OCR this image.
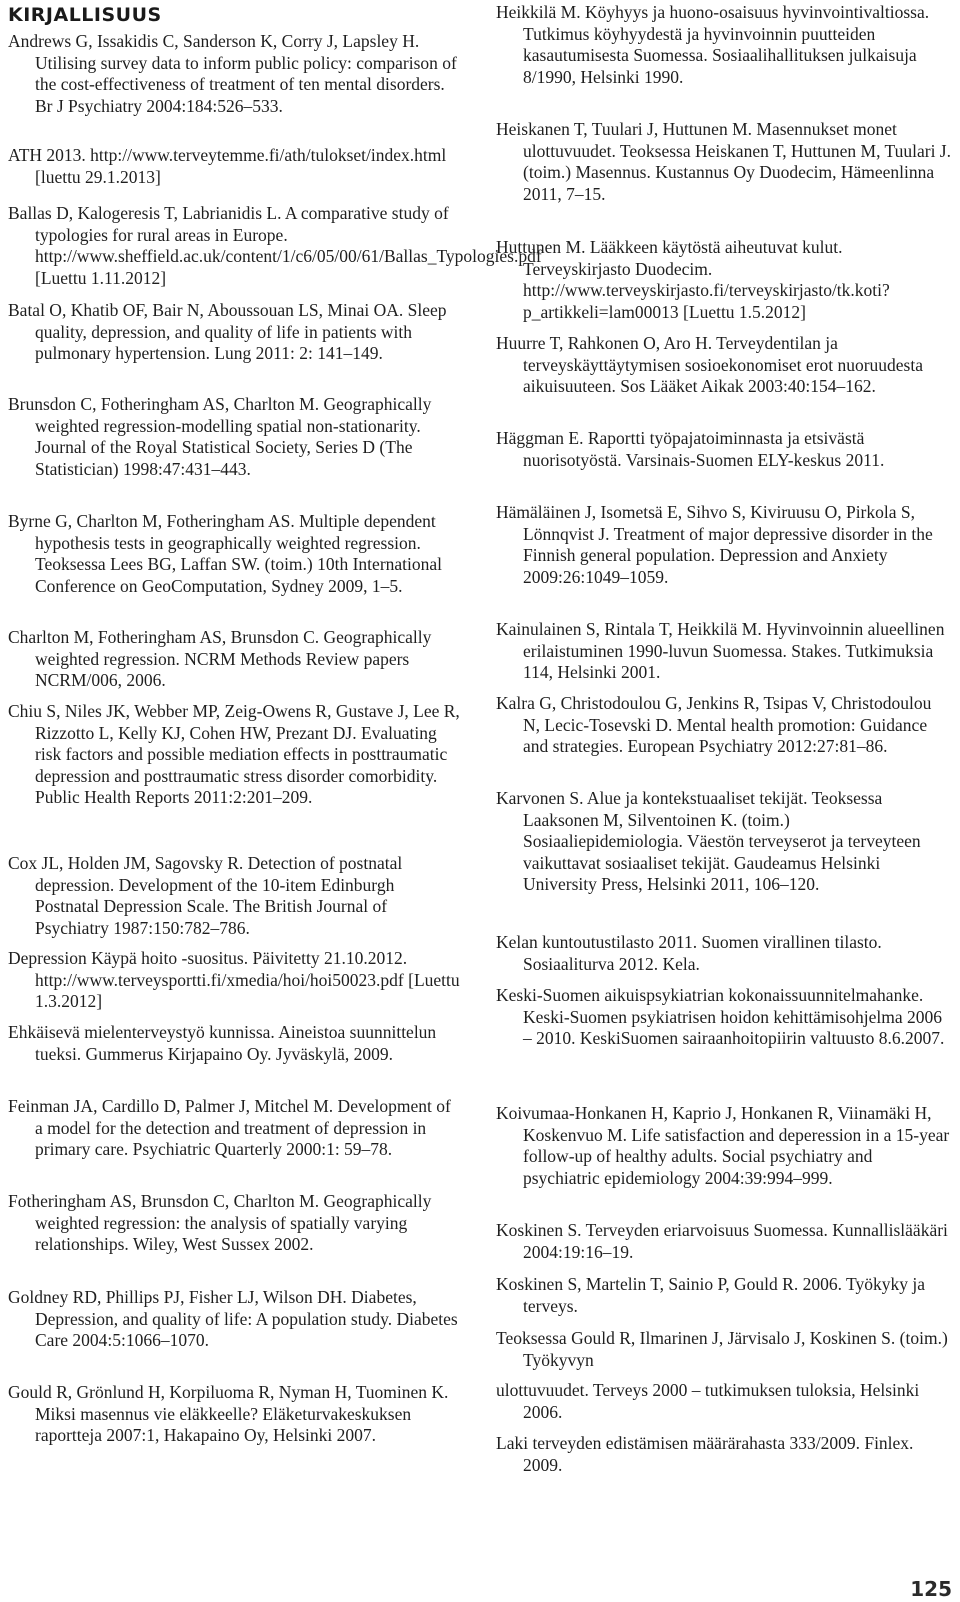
KIRJALLISUUS

Andrews G, Issakidis C, Sanderson K, Corry J, Lapsley H. Utilising survey data to inform public policy: comparison of the cost-effectiveness of treatment of ten mental disorders. Br J Psychiatry 2004:184:526–533.

ATH 2013. http://www.terveytemme.fi/ath/tulokset/index.html [luettu 29.1.2013]

Ballas D, Kalogeresis T, Labrianidis L. A comparative study of typologies for rural areas in Europe. http://www.sheffield.ac.uk/content/1/c6/05/00/61/Ballas_Typologies.pdf [Luettu 1.11.2012]

Batal O, Khatib OF, Bair N, Aboussouan LS, Minai OA. Sleep quality, depression, and quality of life in patients with pulmonary hypertension. Lung 2011: 2: 141–149.

Brunsdon C, Fotheringham AS, Charlton M. Geographically weighted regression-modelling spatial non-stationarity. Journal of the Royal Statistical Society, Series D (The Statistician) 1998:47:431–443.

Byrne G, Charlton M, Fotheringham AS. Multiple dependent hypothesis tests in geographically weighted regression. Teoksessa Lees BG, Laffan SW. (toim.) 10th International Conference on GeoComputation, Sydney 2009, 1–5.

Charlton M, Fotheringham AS, Brunsdon C. Geographically weighted regression. NCRM Methods Review papers NCRM/006, 2006.

Chiu S, Niles JK, Webber MP, Zeig-Owens R, Gustave J, Lee R, Rizzotto L, Kelly KJ, Cohen HW, Prezant DJ. Evaluating risk factors and possible mediation effects in posttraumatic depression and posttraumatic stress disorder comorbidity. Public Health Reports 2011:2:201–209.

Cox JL, Holden JM, Sagovsky R. Detection of postnatal depression. Development of the 10-item Edinburgh Postnatal Depression Scale. The British Journal of Psychiatry 1987:150:782–786.

Depression Käypä hoito -suositus. Päivitetty 21.10.2012. http://www.terveysportti.fi/xmedia/hoi/hoi50023.pdf [Luettu 1.3.2012]

Ehkäisevä mielenterveystyö kunnissa. Aineistoa suunnittelun tueksi. Gummerus Kirjapaino Oy. Jyväskylä, 2009.

Feinman JA, Cardillo D, Palmer J, Mitchel M. Development of a model for the detection and treatment of depression in primary care. Psychiatric Quarterly 2000:1: 59–78.

Fotheringham AS, Brunsdon C, Charlton M. Geographically weighted regression: the analysis of spatially varying relationships. Wiley, West Sussex 2002.

Goldney RD, Phillips PJ, Fisher LJ, Wilson DH. Diabetes, Depression, and quality of life: A population study. Diabetes Care 2004:5:1066–1070.

Gould R, Grönlund H, Korpiluoma R, Nyman H, Tuominen K. Miksi masennus vie eläkkeelle? Eläketurvakeskuksen raportteja 2007:1, Hakapaino Oy, Helsinki 2007.

Heikkilä M. Köyhyys ja huono-osaisuus hyvinvointivaltiossa. Tutkimus köyhyydestä ja hyvinvoinnin puutteiden kasautumisesta Suomessa. Sosiaalihallituksen julkaisuja 8/1990, Helsinki 1990.

Heiskanen T, Tuulari J, Huttunen M. Masennukset monet ulottuvuudet. Teoksessa Heiskanen T, Huttunen M, Tuulari J. (toim.) Masennus. Kustannus Oy Duodecim, Hämeenlinna 2011, 7–15.

Huttunen M. Lääkkeen käytöstä aiheutuvat kulut. Terveyskirjasto Duodecim. http://www.terveyskirjasto.fi/terveyskirjasto/tk.koti?p_artikkeli=lam00013 [Luettu 1.5.2012]

Huurre T, Rahkonen O, Aro H. Terveydentilan ja terveyskäyttäytymisen sosioekonomiset erot nuoruudesta aikuisuuteen. Sos Lääket Aikak 2003:40:154–162.

Häggman E. Raportti työpajatoiminnasta ja etsivästä nuorisotyöstä. Varsinais-Suomen ELY-keskus 2011.

Hämäläinen J, Isometsä E, Sihvo S, Kiviruusu O, Pirkola S, Lönnqvist J. Treatment of major depressive disorder in the Finnish general population. Depression and Anxiety 2009:26:1049–1059.

Kainulainen S, Rintala T, Heikkilä M. Hyvinvoinnin alueellinen erilaistuminen 1990-luvun Suomessa. Stakes. Tutkimuksia 114, Helsinki 2001.

Kalra G, Christodoulou G, Jenkins R, Tsipas V, Christodoulou N, Lecic-Tosevski D. Mental health promotion: Guidance and strategies. European Psychiatry 2012:27:81–86.

Karvonen S. Alue ja kontekstuaaliset tekijät. Teoksessa Laaksonen M, Silventoinen K. (toim.) Sosiaaliepidemiologia. Väestön terveyserot ja terveyteen vaikuttavat sosiaaliset tekijät. Gaudeamus Helsinki University Press, Helsinki 2011, 106–120.

Kelan kuntoutustilasto 2011. Suomen virallinen tilasto. Sosiaaliturva 2012. Kela.

Keski-Suomen aikuispsykiatrian kokonaissuunnitelmahanke. Keski-Suomen psykiatrisen hoidon kehittämisohjelma 2006 – 2010. KeskiSuomen sairaanhoitopiirin valtuusto 8.6.2007.

Koivumaa-Honkanen H, Kaprio J, Honkanen R, Viinamäki H, Koskenvuo M. Life satisfaction and deperession in a 15-year follow-up of healthy adults. Social psychiatry and psychiatric epidemiology 2004:39:994–999.

Koskinen S. Terveyden eriarvoisuus Suomessa. Kunnallislääkäri 2004:19:16–19.

Koskinen S, Martelin T, Sainio P, Gould R. 2006. Työkyky ja terveys.

Teoksessa Gould R, Ilmarinen J, Järvisalo J, Koskinen S. (toim.) Työkyvyn

ulottuvuudet. Terveys 2000 – tutkimuksen tuloksia, Helsinki 2006.

Laki terveyden edistämisen määrärahasta 333/2009. Finlex. 2009.

125
